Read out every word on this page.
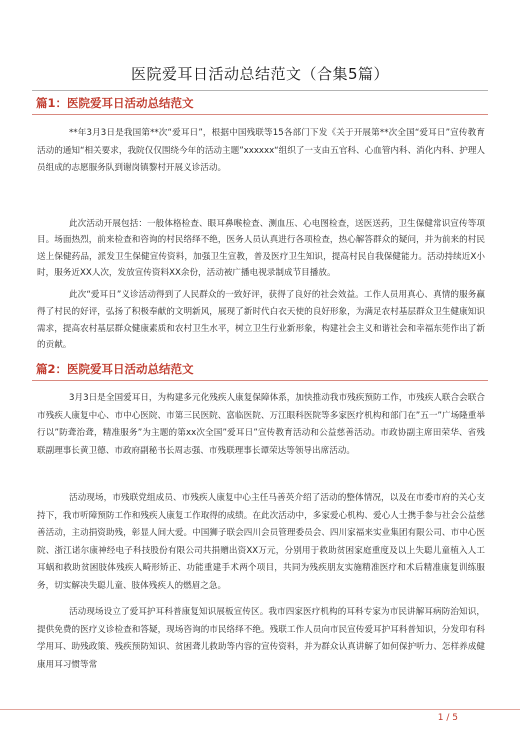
医院爱耳日活动总结范文（合集5篇）
篇1：医院爱耳日活动总结范文

**年3月3日是我国第**次“爱耳日”，根据中国残联等15各部门下发《关于开展第**次全国“爱耳日”宣传教育活动的通知“相关要求，我院仅仅围绕今年的活动主题”xxxxxx“组织了一支由五官科、心血管内科、消化内科、护理人员组成的志愿服务队到谢岗镇黎村开展义诊活动。

此次活动开展包括：一般体格检查、眼耳鼻喉检查、测血压、心电图检查，送医送药，卫生保健常识宣传等项目。场面热烈，前来检查和咨询的村民络绎不绝，医务人员认真进行各项检查，热心解答群众的疑问，并为前来的村民送上保健药品，派发卫生保健宣传资料，加强卫生宣教，普及医疗卫生知识，提高村民自我保健能力。活动持续近X小时，服务近XX人次，发放宣传资料XX余份，活动被广播电视录制成节目播放。

此次“爱耳日”义诊活动得到了人民群众的一致好评，获得了良好的社会效益。工作人员用真心、真情的服务赢得了村民的好评，弘扬了积极奉献的文明新风，展现了新时代白衣天使的良好形象，为满足农村基层群众卫生健康知识需求，提高农村基层群众健康素质和农村卫生水平，树立卫生行业新形象，构建社会主义和谐社会和幸福东莞作出了新的贡献。

篇2：医院爱耳日活动总结范文

3月3日是全国爱耳日，为构建多元化残疾人康复保障体系，加快推动我市残疾预防工作，市残疾人联合会联合市残疾人康复中心、市中心医院、市第三民医院、富临医院、万江眼科医院等多家医疗机构和部门在”五一”广场隆重举行以”防聋治聋，精准服务”为主题的第xx次全国”爱耳日”宣传教育活动和公益慈善活动。市政协副主席田荣华、省残联副理事长黄卫德、市政府副秘书长周志强、市残联理事长谭荣达等领导出席活动。

活动现场，市残联党组成员、市残疾人康复中心主任马善英介绍了活动的整体情况，以及在市委市府的关心支持下，我市听障预防工作和残疾人康复工作取得的成绩。在此次活动中，多家爱心机构、爱心人士携手参与社会公益慈善活动，主动捐资助残，彰显人间大爱。中国狮子联会四川会员管理委员会、四川家福来实业集团有限公司、市中心医院、浙江诺尔康神经电子科技股份有限公司共捐赠出资XX万元，分别用于救助贫困家庭重度及以上失聪儿童植入人工耳蜗和救助贫困肢体残疾人畸形矫正、功能重建手术两个项目，共同为残疾朋友实施精准医疗和术后精准康复训练服务，切实解决失聪儿童、肢体残疾人的燃眉之急。

活动现场设立了爱耳护耳科普康复知识展板宣传区。我市四家医疗机构的耳科专家为市民讲解耳病防治知识，提供免费的医疗义诊检查和答疑，现场咨询的市民络绎不绝。残联工作人员向市民宣传爱耳护耳科普知识，分发印有科学用耳、助残政策、残疾预防知识、贫困聋儿救助等内容的宣传资料，并为群众认真讲解了如何保护听力、怎样养成健康用耳习惯等常

1 / 5
